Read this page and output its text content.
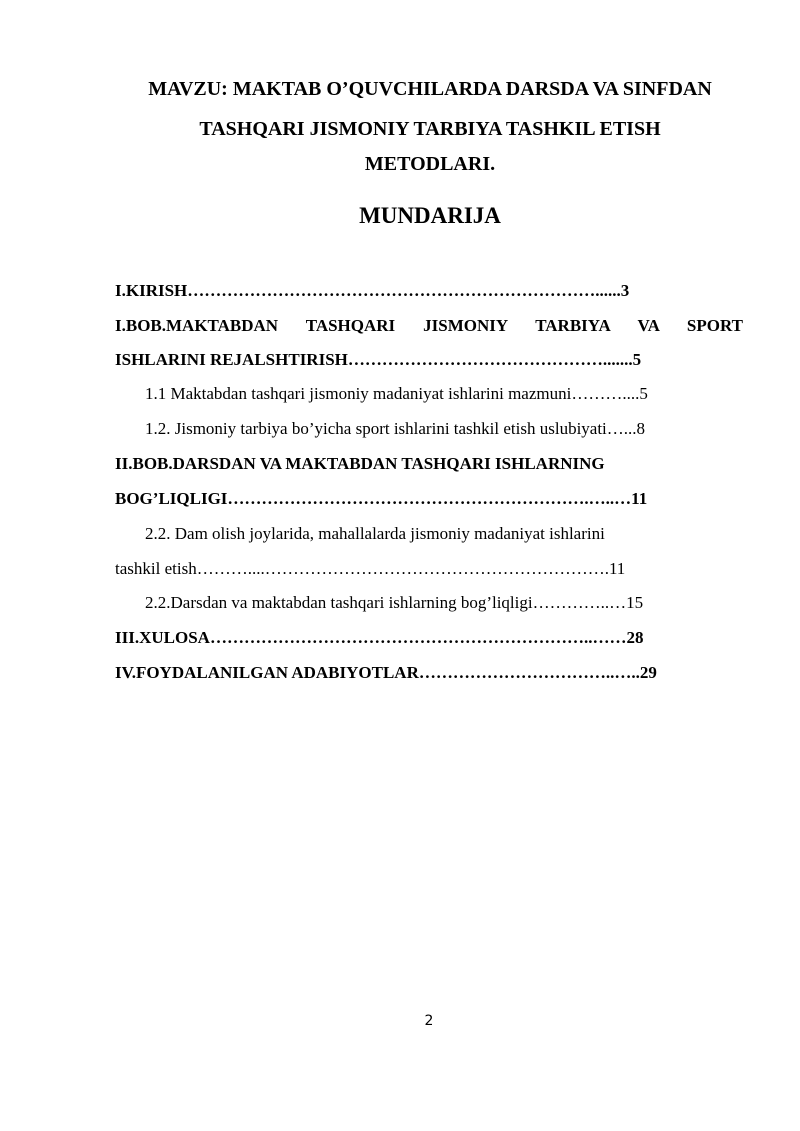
MAVZU: MAKTAB O’QUVCHILARDA DARSDA VA SINFDAN
TASHQARI JISMONIY TARBIYA TASHKIL ETISH
METODLARI.
MUNDARIJA
I.KIRISH………………………………………………………………......3
I.BOB.MAKTABDAN TASHQARI JISMONIY TARBIYA VA SPORT
ISHLARINI REJALSHTIRISH……………………………………….......5
1.1 Maktabdan tashqari jismoniy madaniyat ishlarini mazmuni………....5
1.2. Jismoniy tarbiya bo’yicha sport ishlarini tashkil etish uslubiyati…...8
II.BOB.DARSDAN VA MAKTABDAN TASHQARI ISHLARNING
BOG’LIQLIGI……………………………………………………….…..…11
2.2. Dam olish joylarida, mahallalarda jismoniy madaniyat ishlarini
tashkil etish………....…………………………………………………….11
2.2.Darsdan va maktabdan tashqari ishlarning bog’liqligi…………..…15
III.XULOSA…………………………………………………………..……28
IV.FOYDALANILGAN ADABIYOTLAR……………………………..…..29
2
